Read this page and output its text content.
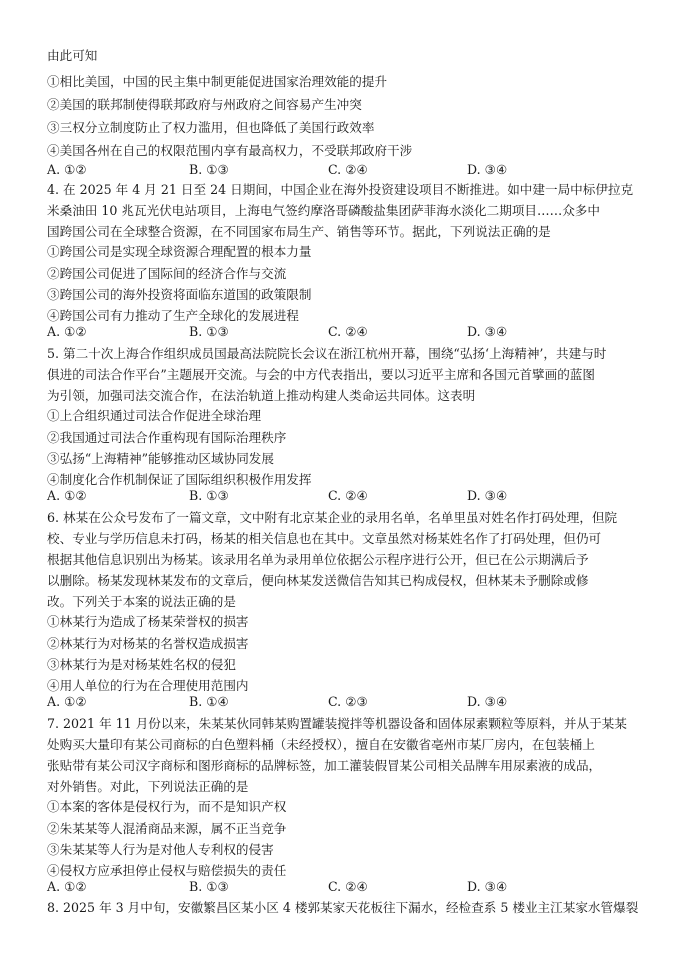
由此可知
①相比美国，中国的民主集中制更能促进国家治理效能的提升
②美国的联邦制使得联邦政府与州政府之间容易产生冲突
③三权分立制度防止了权力滥用，但也降低了美国行政效率
④美国各州在自己的权限范围内享有最高权力，不受联邦政府干涉
A. ①②	B. ①③	C. ②④	D. ③④
4. 在 2025 年 4 月 21 日至 24 日期间，中国企业在海外投资建设项目不断推进。如中建一局中标伊拉克
米桑油田 10 兆瓦光伏电站项目，上海电气签约摩洛哥磷酸盐集团萨菲海水淡化二期项目……众多中
国跨国公司在全球整合资源，在不同国家布局生产、销售等环节。据此，下列说法正确的是
①跨国公司是实现全球资源合理配置的根本力量
②跨国公司促进了国际间的经济合作与交流
③跨国公司的海外投资将面临东道国的政策限制
④跨国公司有力推动了生产全球化的发展进程
A. ①②	B. ①③	C. ②④	D. ③④
5. 第二十次上海合作组织成员国最高法院院长会议在浙江杭州开幕，围绕“弘扬‘上海精神’，共建与时
俱进的司法合作平台”主题展开交流。与会的中方代表指出，要以习近平主席和各国元首擘画的蓝图
为引领，加强司法交流合作，在法治轨道上推动构建人类命运共同体。这表明
①上合组织通过司法合作促进全球治理
②我国通过司法合作重构现有国际治理秩序
③弘扬“上海精神”能够推动区域协同发展
④制度化合作机制保证了国际组织积极作用发挥
A. ①②	B. ①③	C. ②④	D. ③④
6. 林某在公众号发布了一篇文章，文中附有北京某企业的录用名单，名单里虽对姓名作打码处理，但院
校、专业与学历信息未打码，杨某的相关信息也在其中。文章虽然对杨某姓名作了打码处理，但仍可
根据其他信息识别出为杨某。该录用名单为录用单位依据公示程序进行公开，但已在公示期满后予
以删除。杨某发现林某发布的文章后，便向林某发送微信告知其已构成侵权，但林某未予删除或修
改。下列关于本案的说法正确的是
①林某行为造成了杨某荣誉权的损害
②林某行为对杨某的名誉权造成损害
③林某行为是对杨某姓名权的侵犯
④用人单位的行为在合理使用范围内
A. ①②	B. ①④	C. ②③	D. ③④
7. 2021 年 11 月份以来，朱某某伙同韩某购置罐装搅拌等机器设备和固体尿素颗粒等原料，并从于某某
处购买大量印有某公司商标的白色塑料桶（未经授权），擅自在安徽省亳州市某厂房内，在包装桶上
张贴带有某公司汉字商标和图形商标的品牌标签，加工灌装假冒某公司相关品牌车用尿素液的成品，
对外销售。对此，下列说法正确的是
①本案的客体是侵权行为，而不是知识产权
②朱某某等人混淆商品来源，属不正当竞争
③朱某某等人行为是对他人专利权的侵害
④侵权方应承担停止侵权与赔偿损失的责任
A. ①②	B. ①③	C. ②④	D. ③④
8. 2025 年 3 月中旬，安徽繁昌区某小区 4 楼郭某家天花板往下漏水，经检查系 5 楼业主江某家水管爆裂
